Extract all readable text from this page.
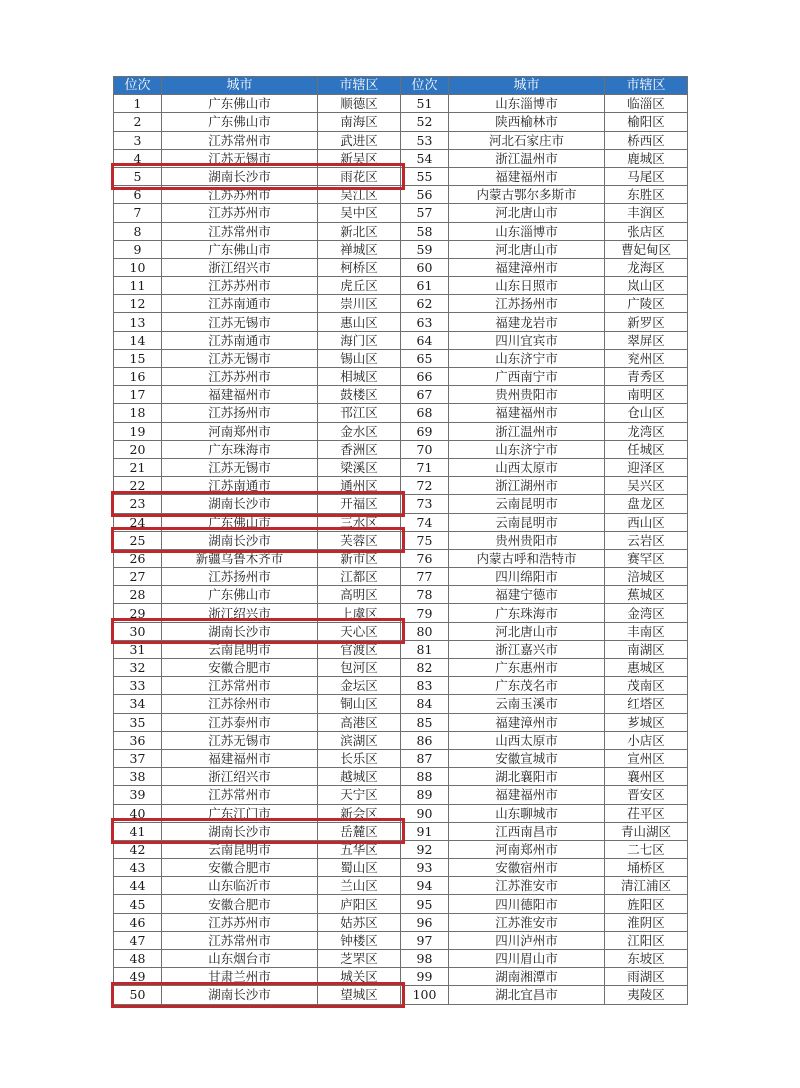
位次	城市	市辖区	位次	城市	市辖区
1	广东佛山市	顺德区	51	山东淄博市	临淄区
2	广东佛山市	南海区	52	陕西榆林市	榆阳区
3	江苏常州市	武进区	53	河北石家庄市	桥西区
4	江苏无锡市	新吴区	54	浙江温州市	鹿城区
5	湖南长沙市	雨花区	55	福建福州市	马尾区
6	江苏苏州市	吴江区	56	内蒙古鄂尔多斯市	东胜区
7	江苏苏州市	吴中区	57	河北唐山市	丰润区
8	江苏常州市	新北区	58	山东淄博市	张店区
9	广东佛山市	禅城区	59	河北唐山市	曹妃甸区
10	浙江绍兴市	柯桥区	60	福建漳州市	龙海区
11	江苏苏州市	虎丘区	61	山东日照市	岚山区
12	江苏南通市	崇川区	62	江苏扬州市	广陵区
13	江苏无锡市	惠山区	63	福建龙岩市	新罗区
14	江苏南通市	海门区	64	四川宜宾市	翠屏区
15	江苏无锡市	锡山区	65	山东济宁市	兖州区
16	江苏苏州市	相城区	66	广西南宁市	青秀区
17	福建福州市	鼓楼区	67	贵州贵阳市	南明区
18	江苏扬州市	邗江区	68	福建福州市	仓山区
19	河南郑州市	金水区	69	浙江温州市	龙湾区
20	广东珠海市	香洲区	70	山东济宁市	任城区
21	江苏无锡市	梁溪区	71	山西太原市	迎泽区
22	江苏南通市	通州区	72	浙江湖州市	吴兴区
23	湖南长沙市	开福区	73	云南昆明市	盘龙区
24	广东佛山市	三水区	74	云南昆明市	西山区
25	湖南长沙市	芙蓉区	75	贵州贵阳市	云岩区
26	新疆乌鲁木齐市	新市区	76	内蒙古呼和浩特市	赛罕区
27	江苏扬州市	江都区	77	四川绵阳市	涪城区
28	广东佛山市	高明区	78	福建宁德市	蕉城区
29	浙江绍兴市	上虞区	79	广东珠海市	金湾区
30	湖南长沙市	天心区	80	河北唐山市	丰南区
31	云南昆明市	官渡区	81	浙江嘉兴市	南湖区
32	安徽合肥市	包河区	82	广东惠州市	惠城区
33	江苏常州市	金坛区	83	广东茂名市	茂南区
34	江苏徐州市	铜山区	84	云南玉溪市	红塔区
35	江苏泰州市	高港区	85	福建漳州市	芗城区
36	江苏无锡市	滨湖区	86	山西太原市	小店区
37	福建福州市	长乐区	87	安徽宣城市	宣州区
38	浙江绍兴市	越城区	88	湖北襄阳市	襄州区
39	江苏常州市	天宁区	89	福建福州市	晋安区
40	广东江门市	新会区	90	山东聊城市	茌平区
41	湖南长沙市	岳麓区	91	江西南昌市	青山湖区
42	云南昆明市	五华区	92	河南郑州市	二七区
43	安徽合肥市	蜀山区	93	安徽宿州市	埇桥区
44	山东临沂市	兰山区	94	江苏淮安市	清江浦区
45	安徽合肥市	庐阳区	95	四川德阳市	旌阳区
46	江苏苏州市	姑苏区	96	江苏淮安市	淮阴区
47	江苏常州市	钟楼区	97	四川泸州市	江阳区
48	山东烟台市	芝罘区	98	四川眉山市	东坡区
49	甘肃兰州市	城关区	99	湖南湘潭市	雨湖区
50	湖南长沙市	望城区	100	湖北宜昌市	夷陵区
